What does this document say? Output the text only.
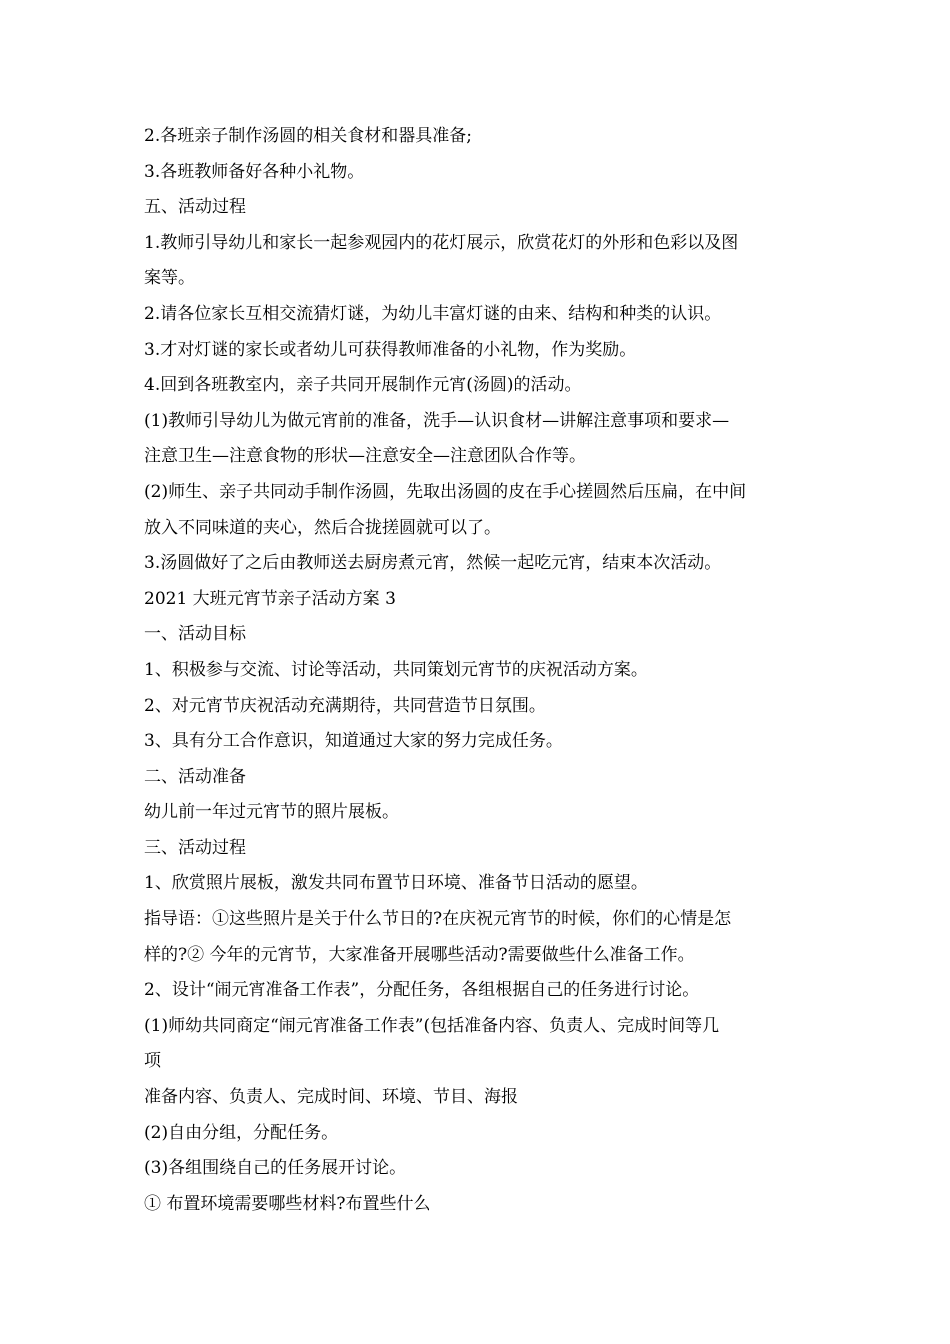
2.各班亲子制作汤圆的相关食材和器具准备;
3.各班教师备好各种小礼物。
五、活动过程
1.教师引导幼儿和家长一起参观园内的花灯展示，欣赏花灯的外形和色彩以及图
案等。
2.请各位家长互相交流猜灯谜，为幼儿丰富灯谜的由来、结构和种类的认识。
3.才对灯谜的家长或者幼儿可获得教师准备的小礼物，作为奖励。
4.回到各班教室内，亲子共同开展制作元宵(汤圆)的活动。
(1)教师引导幼儿为做元宵前的准备，洗手—认识食材—讲解注意事项和要求—
注意卫生—注意食物的形状—注意安全—注意团队合作等。
(2)师生、亲子共同动手制作汤圆，先取出汤圆的皮在手心搓圆然后压扁，在中间
放入不同味道的夹心，然后合拢搓圆就可以了。
3.汤圆做好了之后由教师送去厨房煮元宵，然候一起吃元宵，结束本次活动。
2021 大班元宵节亲子活动方案 3
一、活动目标
1、积极参与交流、讨论等活动，共同策划元宵节的庆祝活动方案。
2、对元宵节庆祝活动充满期待，共同营造节日氛围。
3、具有分工合作意识，知道通过大家的努力完成任务。
二、活动准备
幼儿前一年过元宵节的照片展板。
三、活动过程
1、欣赏照片展板，激发共同布置节日环境、准备节日活动的愿望。
指导语：①这些照片是关于什么节日的?在庆祝元宵节的时候，你们的心情是怎
样的?② 今年的元宵节，大家准备开展哪些活动?需要做些什么准备工作。
2、设计“闹元宵准备工作表”，分配任务，各组根据自己的任务进行讨论。
(1)师幼共同商定“闹元宵准备工作表”(包括准备内容、负责人、完成时间等几
项
准备内容、负责人、完成时间、环境、节目、海报
(2)自由分组，分配任务。
(3)各组围绕自己的任务展开讨论。
① 布置环境需要哪些材料?布置些什么
